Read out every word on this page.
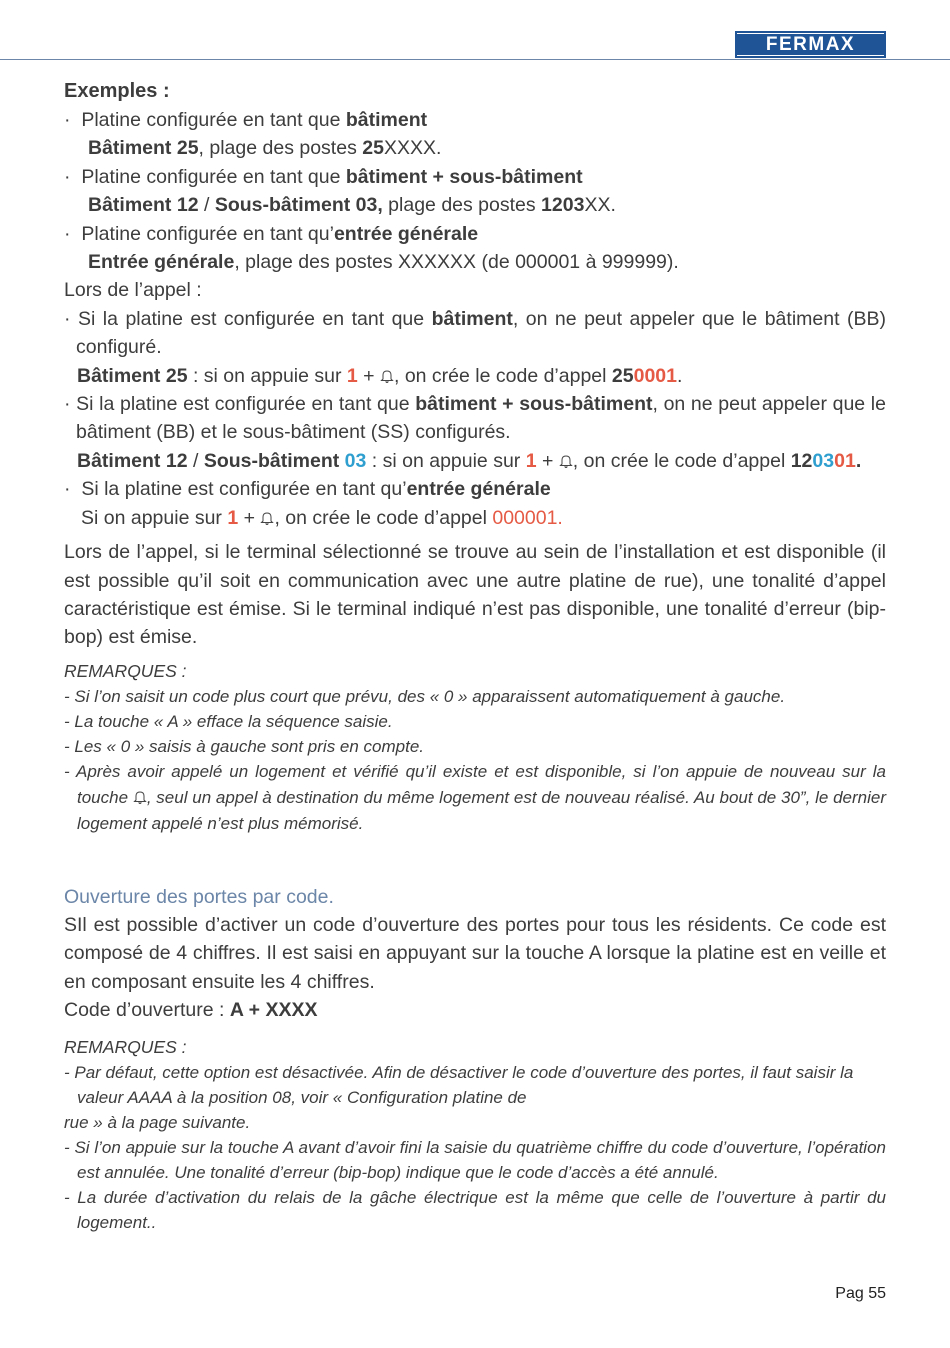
FERMAX

Exemples :

· Platine configurée en tant que bâtiment

Bâtiment 25, plage des postes 25XXXX.

· Platine configurée en tant que bâtiment + sous-bâtiment

Bâtiment 12 / Sous-bâtiment 03, plage des postes 1203XX.

· Platine configurée en tant qu’entrée générale

Entrée générale, plage des postes XXXXXX (de 000001 à 999999).

Lors de l’appel :

· Si la platine est configurée en tant que bâtiment, on ne peut appeler que le bâtiment (BB) configuré.

Bâtiment 25 : si on appuie sur 1 + , on crée le code d’appel 250001.

· Si la platine est configurée en tant que bâtiment + sous-bâtiment, on ne peut appeler que le bâtiment (BB) et le sous-bâtiment (SS) configurés.

Bâtiment 12 / Sous-bâtiment 03 : si on appuie sur 1 + , on crée le code d’appel 120301.

· Si la platine est configurée en tant qu’entrée générale

Si on appuie sur 1 + , on crée le code d’appel 000001.

Lors de l’appel, si le terminal sélectionné se trouve au sein de l’installation et est disponible (il est possible qu’il soit en communication avec une autre platine de rue), une tonalité d’appel caractéristique est émise. Si le terminal indiqué n’est pas disponible, une tonalité d’erreur (bip-bop) est émise.

REMARQUES :

- Si l’on saisit un code plus court que prévu, des « 0 » apparaissent automatiquement à gauche.

- La touche « A » efface la séquence saisie.

- Les « 0 » saisis à gauche sont pris en compte.

- Après avoir appelé un logement et vérifié qu’il existe et est disponible, si l’on appuie de nouveau sur la touche , seul un appel à destination du même logement est de nouveau réalisé. Au bout de 30”, le dernier logement appelé n’est plus mémorisé.

Ouverture des portes par code.

SIl est possible d’activer un code d’ouverture des portes pour tous les résidents. Ce code est composé de 4 chiffres. Il est saisi en appuyant sur la touche A lorsque la platine est en veille et en composant ensuite les 4 chiffres.

Code d’ouverture : A + XXXX

REMARQUES :

- Par défaut, cette option est désactivée. Afin de désactiver le code d’ouverture des portes, il faut saisir la valeur AAAA à la position 08, voir « Configuration platine de

rue » à la page suivante.

- Si l’on appuie sur la touche A avant d’avoir fini la saisie du quatrième chiffre du code d’ouverture, l’opération est annulée. Une tonalité d’erreur (bip-bop) indique que le code d’accès a été annulé.

- La durée d’activation du relais de la gâche électrique est la même que celle de l’ouverture à partir du logement..

Pag 55
